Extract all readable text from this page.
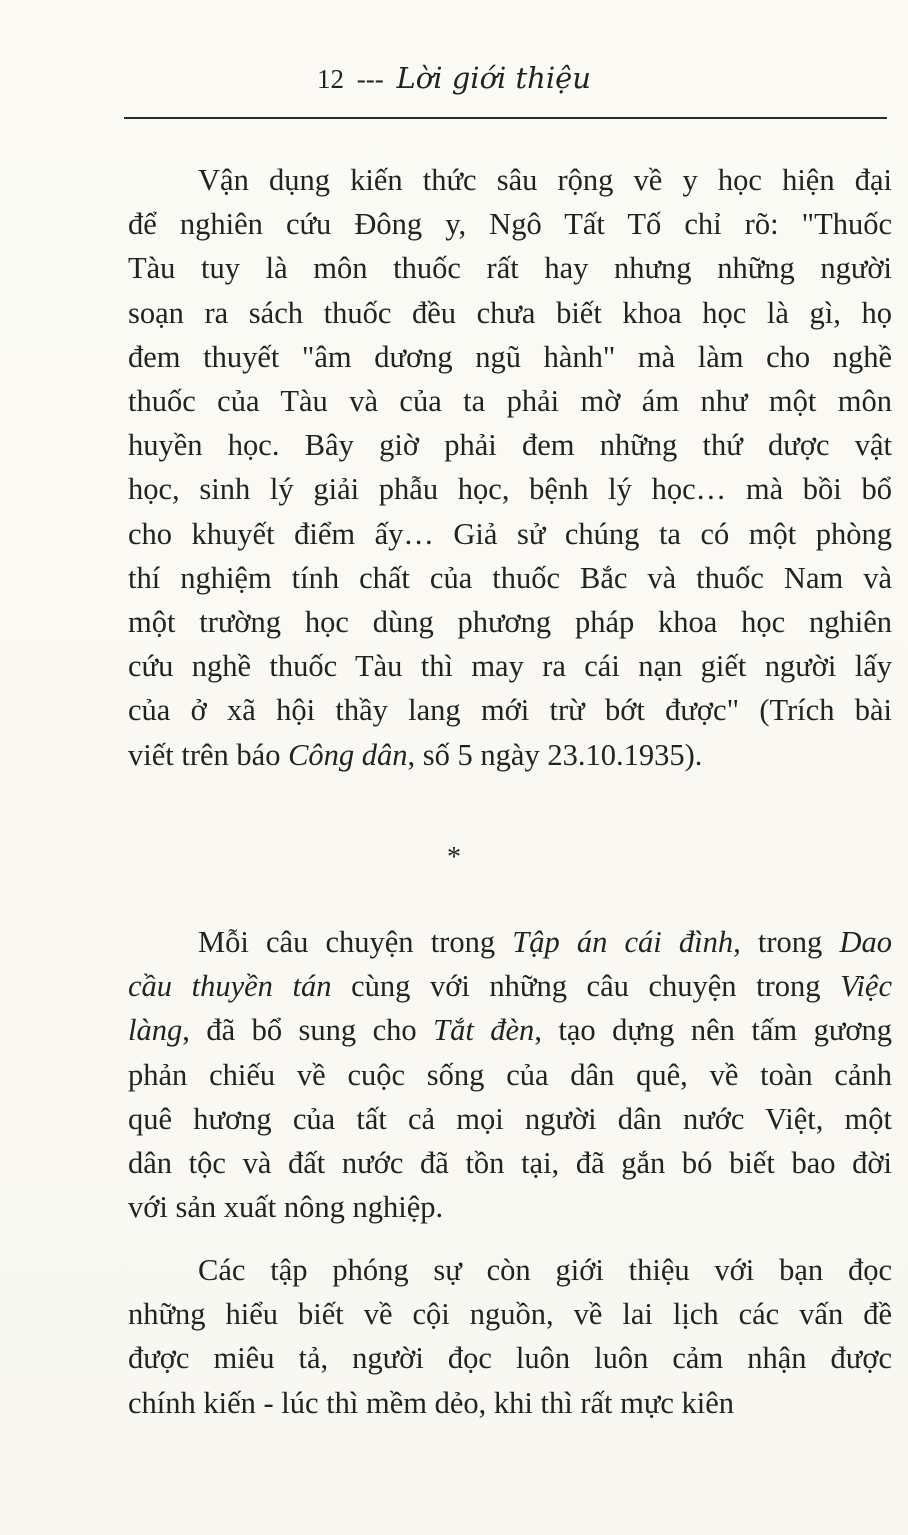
12 --- Lời giới thiệu

Vận dụng kiến thức sâu rộng về y học hiện đại
để nghiên cứu Đông y, Ngô Tất Tố chỉ rõ: "Thuốc
Tàu tuy là môn thuốc rất hay nhưng những người
soạn ra sách thuốc đều chưa biết khoa học là gì, họ
đem thuyết "âm dương ngũ hành" mà làm cho nghề
thuốc của Tàu và của ta phải mờ ám như một môn
huyền học. Bây giờ phải đem những thứ dược vật
học, sinh lý giải phẫu học, bệnh lý học… mà bồi bổ
cho khuyết điểm ấy… Giả sử chúng ta có một phòng
thí nghiệm tính chất của thuốc Bắc và thuốc Nam và
một trường học dùng phương pháp khoa học nghiên
cứu nghề thuốc Tàu thì may ra cái nạn giết người lấy
của ở xã hội thầy lang mới trừ bớt được" (Trích bài
viết trên báo Công dân, số 5 ngày 23.10.1935).

*

Mỗi câu chuyện trong Tập án cái đình, trong Dao
cầu thuyền tán cùng với những câu chuyện trong Việc
làng, đã bổ sung cho Tắt đèn, tạo dựng nên tấm gương
phản chiếu về cuộc sống của dân quê, về toàn cảnh
quê hương của tất cả mọi người dân nước Việt, một
dân tộc và đất nước đã tồn tại, đã gắn bó biết bao đời
với sản xuất nông nghiệp.

Các tập phóng sự còn giới thiệu với bạn đọc
những hiểu biết về cội nguồn, về lai lịch các vấn đề
được miêu tả, người đọc luôn luôn cảm nhận được
chính kiến - lúc thì mềm dẻo, khi thì rất mực kiên
